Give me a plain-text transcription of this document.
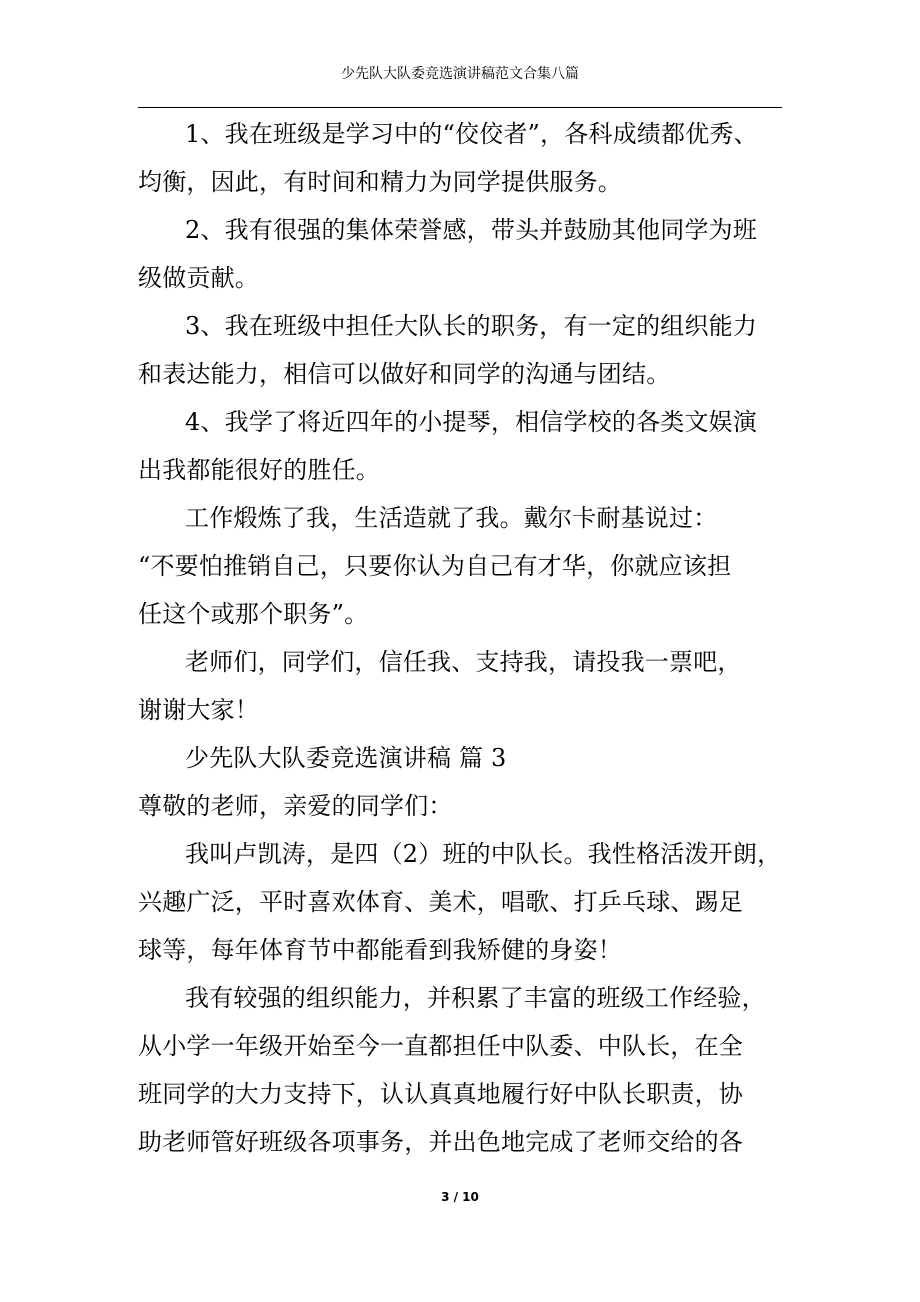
少先队大队委竞选演讲稿范文合集八篇
1、我在班级是学习中的“佼佼者”，各科成绩都优秀、
均衡，因此，有时间和精力为同学提供服务。
2、我有很强的集体荣誉感，带头并鼓励其他同学为班
级做贡献。
3、我在班级中担任大队长的职务，有一定的组织能力
和表达能力，相信可以做好和同学的沟通与团结。
4、我学了将近四年的小提琴，相信学校的各类文娱演
出我都能很好的胜任。
工作煅炼了我，生活造就了我。戴尔卡耐基说过：
“不要怕推销自己，只要你认为自己有才华，你就应该担
任这个或那个职务”。
老师们，同学们，信任我、支持我，请投我一票吧，
谢谢大家！
少先队大队委竞选演讲稿 篇 3
尊敬的老师，亲爱的同学们：
我叫卢凯涛，是四（2）班的中队长。我性格活泼开朗，
兴趣广泛，平时喜欢体育、美术，唱歌、打乒乓球、踢足
球等，每年体育节中都能看到我矫健的身姿！
我有较强的组织能力，并积累了丰富的班级工作经验，
从小学一年级开始至今一直都担任中队委、中队长，在全
班同学的大力支持下，认认真真地履行好中队长职责，协
助老师管好班级各项事务，并出色地完成了老师交给的各
3 / 10
